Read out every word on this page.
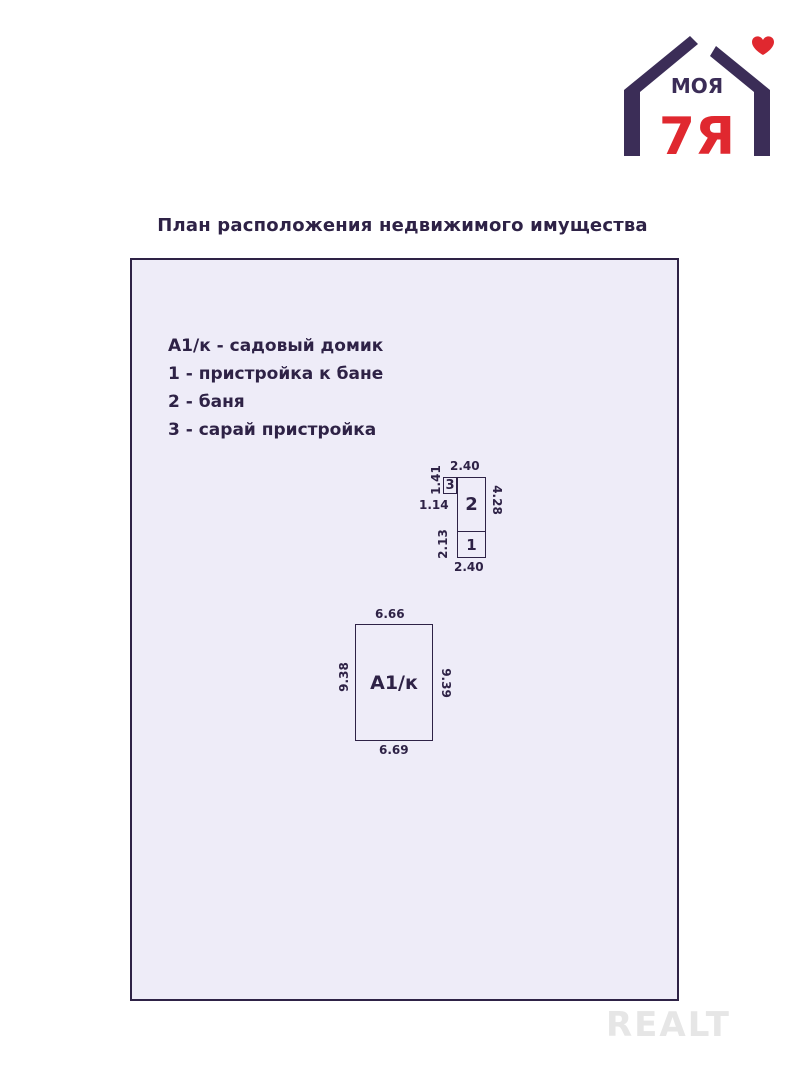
МОЯ
7Я
План расположения недвижимого имущества
А1/к - садовый домик
1 - пристройка к бане
2 - баня
3 - сарай пристройка
3
2
1
2.40
2.40
4.28
1.41
1.14
2.13
А1/к
6.66
6.69
9.38	9.39
REALT
